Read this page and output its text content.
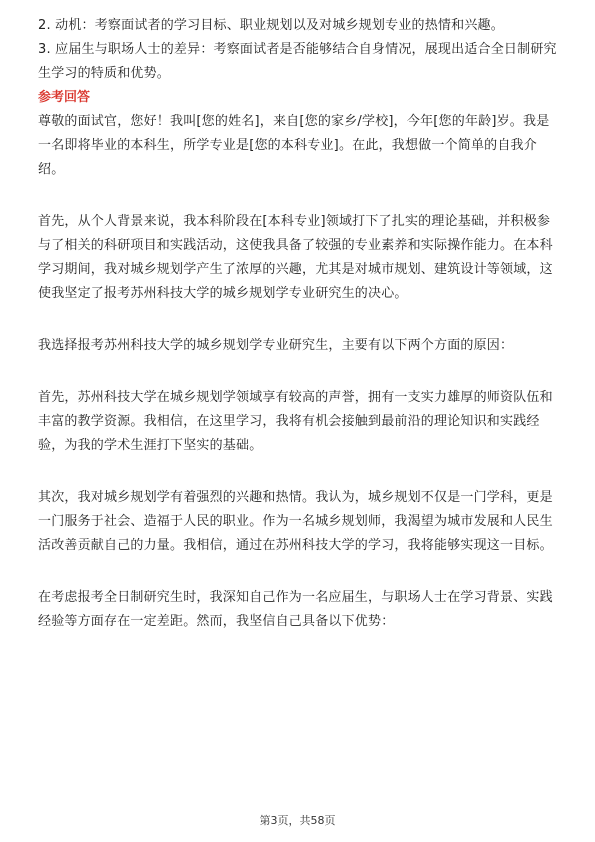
2. 动机：考察面试者的学习目标、职业规划以及对城乡规划专业的热情和兴趣。

3. 应届生与职场人士的差异：考察面试者是否能够结合自身情况，展现出适合全日制研究生学习的特质和优势。

参考回答

尊敬的面试官，您好！我叫[您的姓名]，来自[您的家乡/学校]，今年[您的年龄]岁。我是一名即将毕业的本科生，所学专业是[您的本科专业]。在此，我想做一个简单的自我介绍。

首先，从个人背景来说，我本科阶段在[本科专业]领域打下了扎实的理论基础，并积极参与了相关的科研项目和实践活动，这使我具备了较强的专业素养和实际操作能力。在本科学习期间，我对城乡规划学产生了浓厚的兴趣，尤其是对城市规划、建筑设计等领域，这使我坚定了报考苏州科技大学的城乡规划学专业研究生的决心。

我选择报考苏州科技大学的城乡规划学专业研究生，主要有以下两个方面的原因：

首先，苏州科技大学在城乡规划学领域享有较高的声誉，拥有一支实力雄厚的师资队伍和丰富的教学资源。我相信，在这里学习，我将有机会接触到最前沿的理论知识和实践经验，为我的学术生涯打下坚实的基础。

其次，我对城乡规划学有着强烈的兴趣和热情。我认为，城乡规划不仅是一门学科，更是一门服务于社会、造福于人民的职业。作为一名城乡规划师，我渴望为城市发展和人民生活改善贡献自己的力量。我相信，通过在苏州科技大学的学习，我将能够实现这一目标。

在考虑报考全日制研究生时，我深知自己作为一名应届生，与职场人士在学习背景、实践经验等方面存在一定差距。然而，我坚信自己具备以下优势：

第3页，共58页
